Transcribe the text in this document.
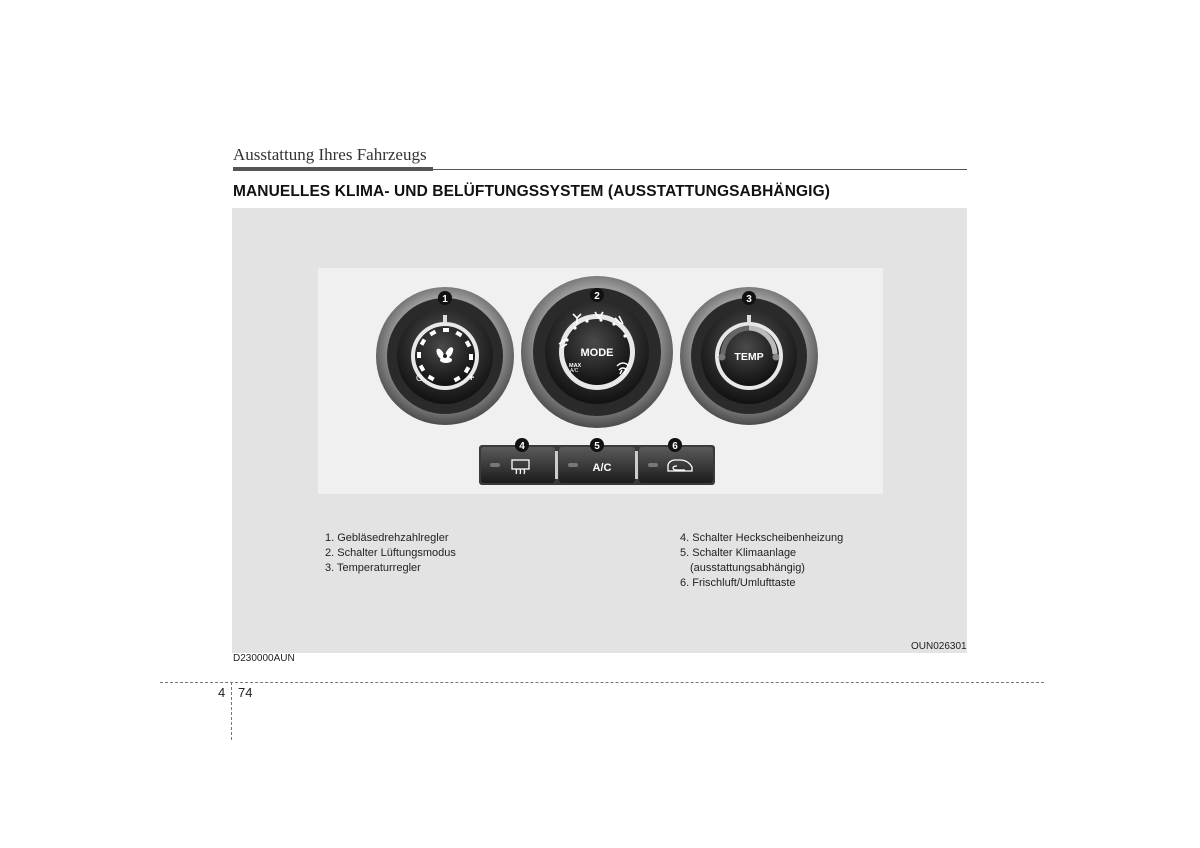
Ausstattung Ihres Fahrzeugs
MANUELLES KLIMA- UND BELÜFTUNGSSYSTEM (AUSSTATTUNGSABHÄNGIG)
O	+
1
MODE
MAX
A/C
2
TEMP
3
A/C
4	5	6
1. Gebläsedrehzahlregler
2. Schalter Lüftungsmodus
3. Temperaturregler
4. Schalter Heckscheibenheizung
5. Schalter Klimaanlage
(ausstattungsabhängig)
6. Frischluft/Umlufttaste
OUN026301
D230000AUN
4 74
